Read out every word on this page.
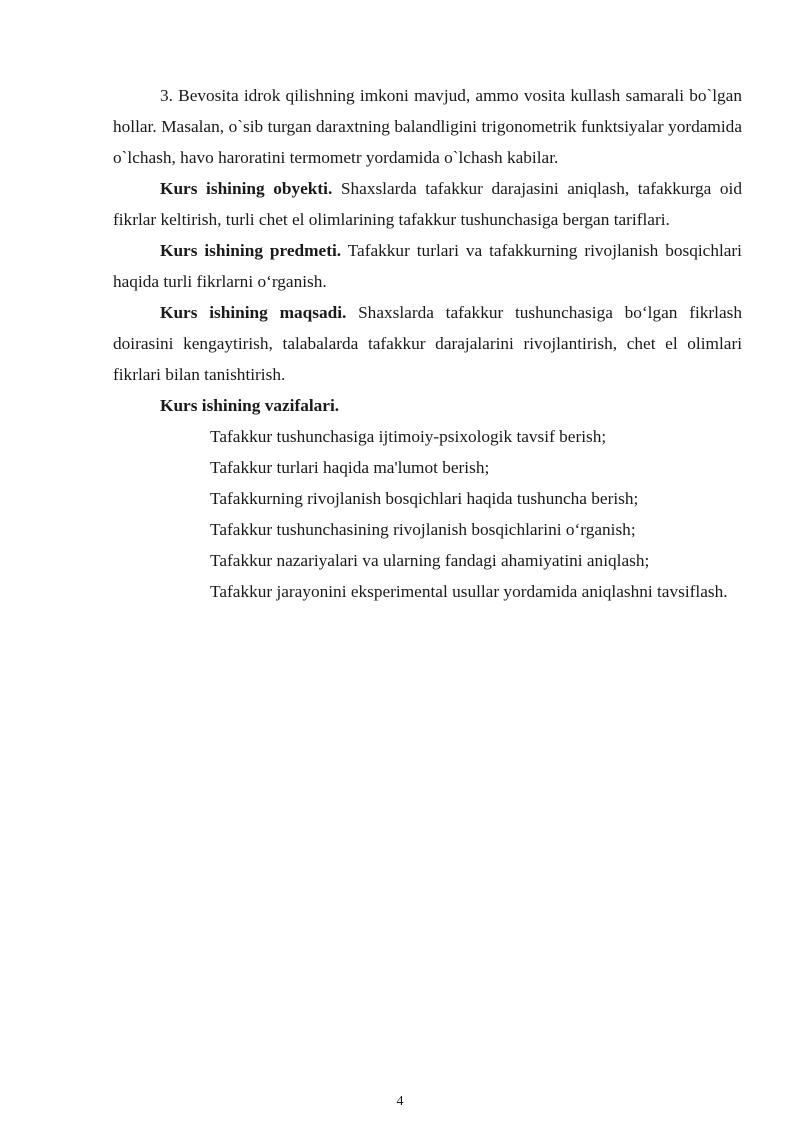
3. Bevosita idrok qilishning imkoni mavjud, ammo vosita kullash samarali bo`lgan hollar. Masalan, o`sib turgan daraxtning balandligini trigonometrik funktsiyalar yordamida o`lchash, havo haroratini termometr yordamida o`lchash kabilar.

Kurs ishining obyekti. Shaxslarda tafakkur darajasini aniqlash, tafakkurga oid fikrlar keltirish, turli chet el olimlarining tafakkur tushunchasiga bergan tariflari.

Kurs ishining predmeti. Tafakkur turlari va tafakkurning rivojlanish bosqichlari haqida turli fikrlarni o‘rganish.

Kurs ishining maqsadi. Shaxslarda tafakkur tushunchasiga bo‘lgan fikrlash doirasini kengaytirish, talabalarda tafakkur darajalarini rivojlantirish, chet el olimlari fikrlari bilan tanishtirish.

Kurs ishining vazifalari.

Tafakkur tushunchasiga ijtimoiy-psixologik tavsif berish;
Tafakkur turlari haqida ma'lumot berish;
Tafakkurning rivojlanish bosqichlari haqida tushuncha berish;
Tafakkur tushunchasining rivojlanish bosqichlarini o‘rganish;
Tafakkur nazariyalari va ularning fandagi ahamiyatini aniqlash;
Tafakkur jarayonini eksperimental usullar yordamida aniqlashni tavsiflash.
4
